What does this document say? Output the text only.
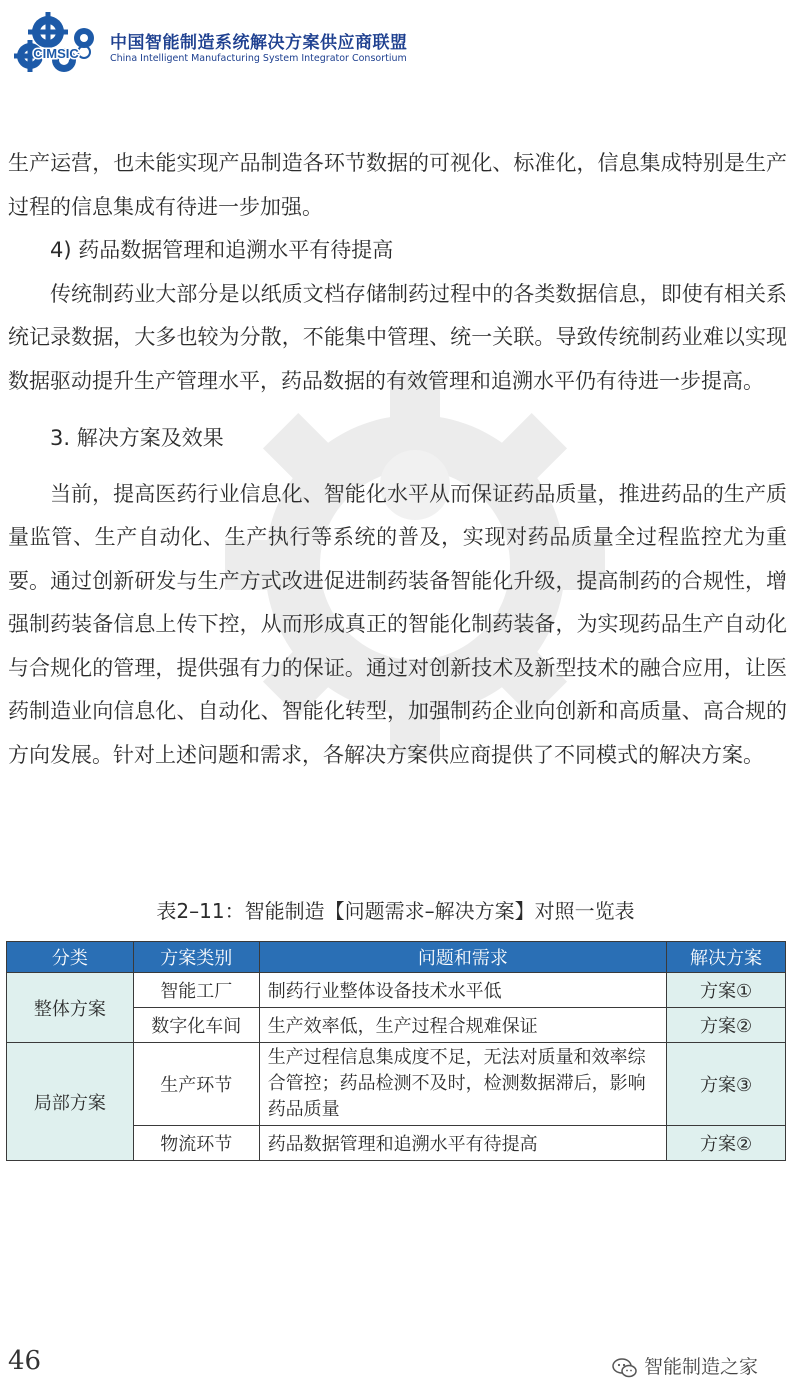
CIMSIC
中国智能制造系统解决方案供应商联盟
China Intelligent Manufacturing System Integrator Consortium

生产运营，也未能实现产品制造各环节数据的可视化、标准化，信息集成特别是生产过程的信息集成有待进一步加强。

4) 药品数据管理和追溯水平有待提高

传统制药业大部分是以纸质文档存储制药过程中的各类数据信息，即使有相关系统记录数据，大多也较为分散，不能集中管理、统一关联。导致传统制药业难以实现数据驱动提升生产管理水平，药品数据的有效管理和追溯水平仍有待进一步提高。

3. 解决方案及效果

当前，提高医药行业信息化、智能化水平从而保证药品质量，推进药品的生产质量监管、生产自动化、生产执行等系统的普及，实现对药品质量全过程监控尤为重要。通过创新研发与生产方式改进促进制药装备智能化升级，提高制药的合规性，增强制药装备信息上传下控，从而形成真正的智能化制药装备，为实现药品生产自动化与合规化的管理，提供强有力的保证。通过对创新技术及新型技术的融合应用，让医药制造业向信息化、自动化、智能化转型，加强制药企业向创新和高质量、高合规的方向发展。针对上述问题和需求，各解决方案供应商提供了不同模式的解决方案。

表2–11：智能制造【问题需求–解决方案】对照一览表
分类	方案类别	问题和需求	解决方案
整体方案	智能工厂	制药行业整体设备技术水平低	方案①
	数字化车间	生产效率低，生产过程合规难保证	方案②
局部方案	生产环节	生产过程信息集成度不足，无法对质量和效率综合管控；药品检测不及时，检测数据滞后，影响药品质量	方案③
	物流环节	药品数据管理和追溯水平有待提高	方案②
46	智能制造之家
